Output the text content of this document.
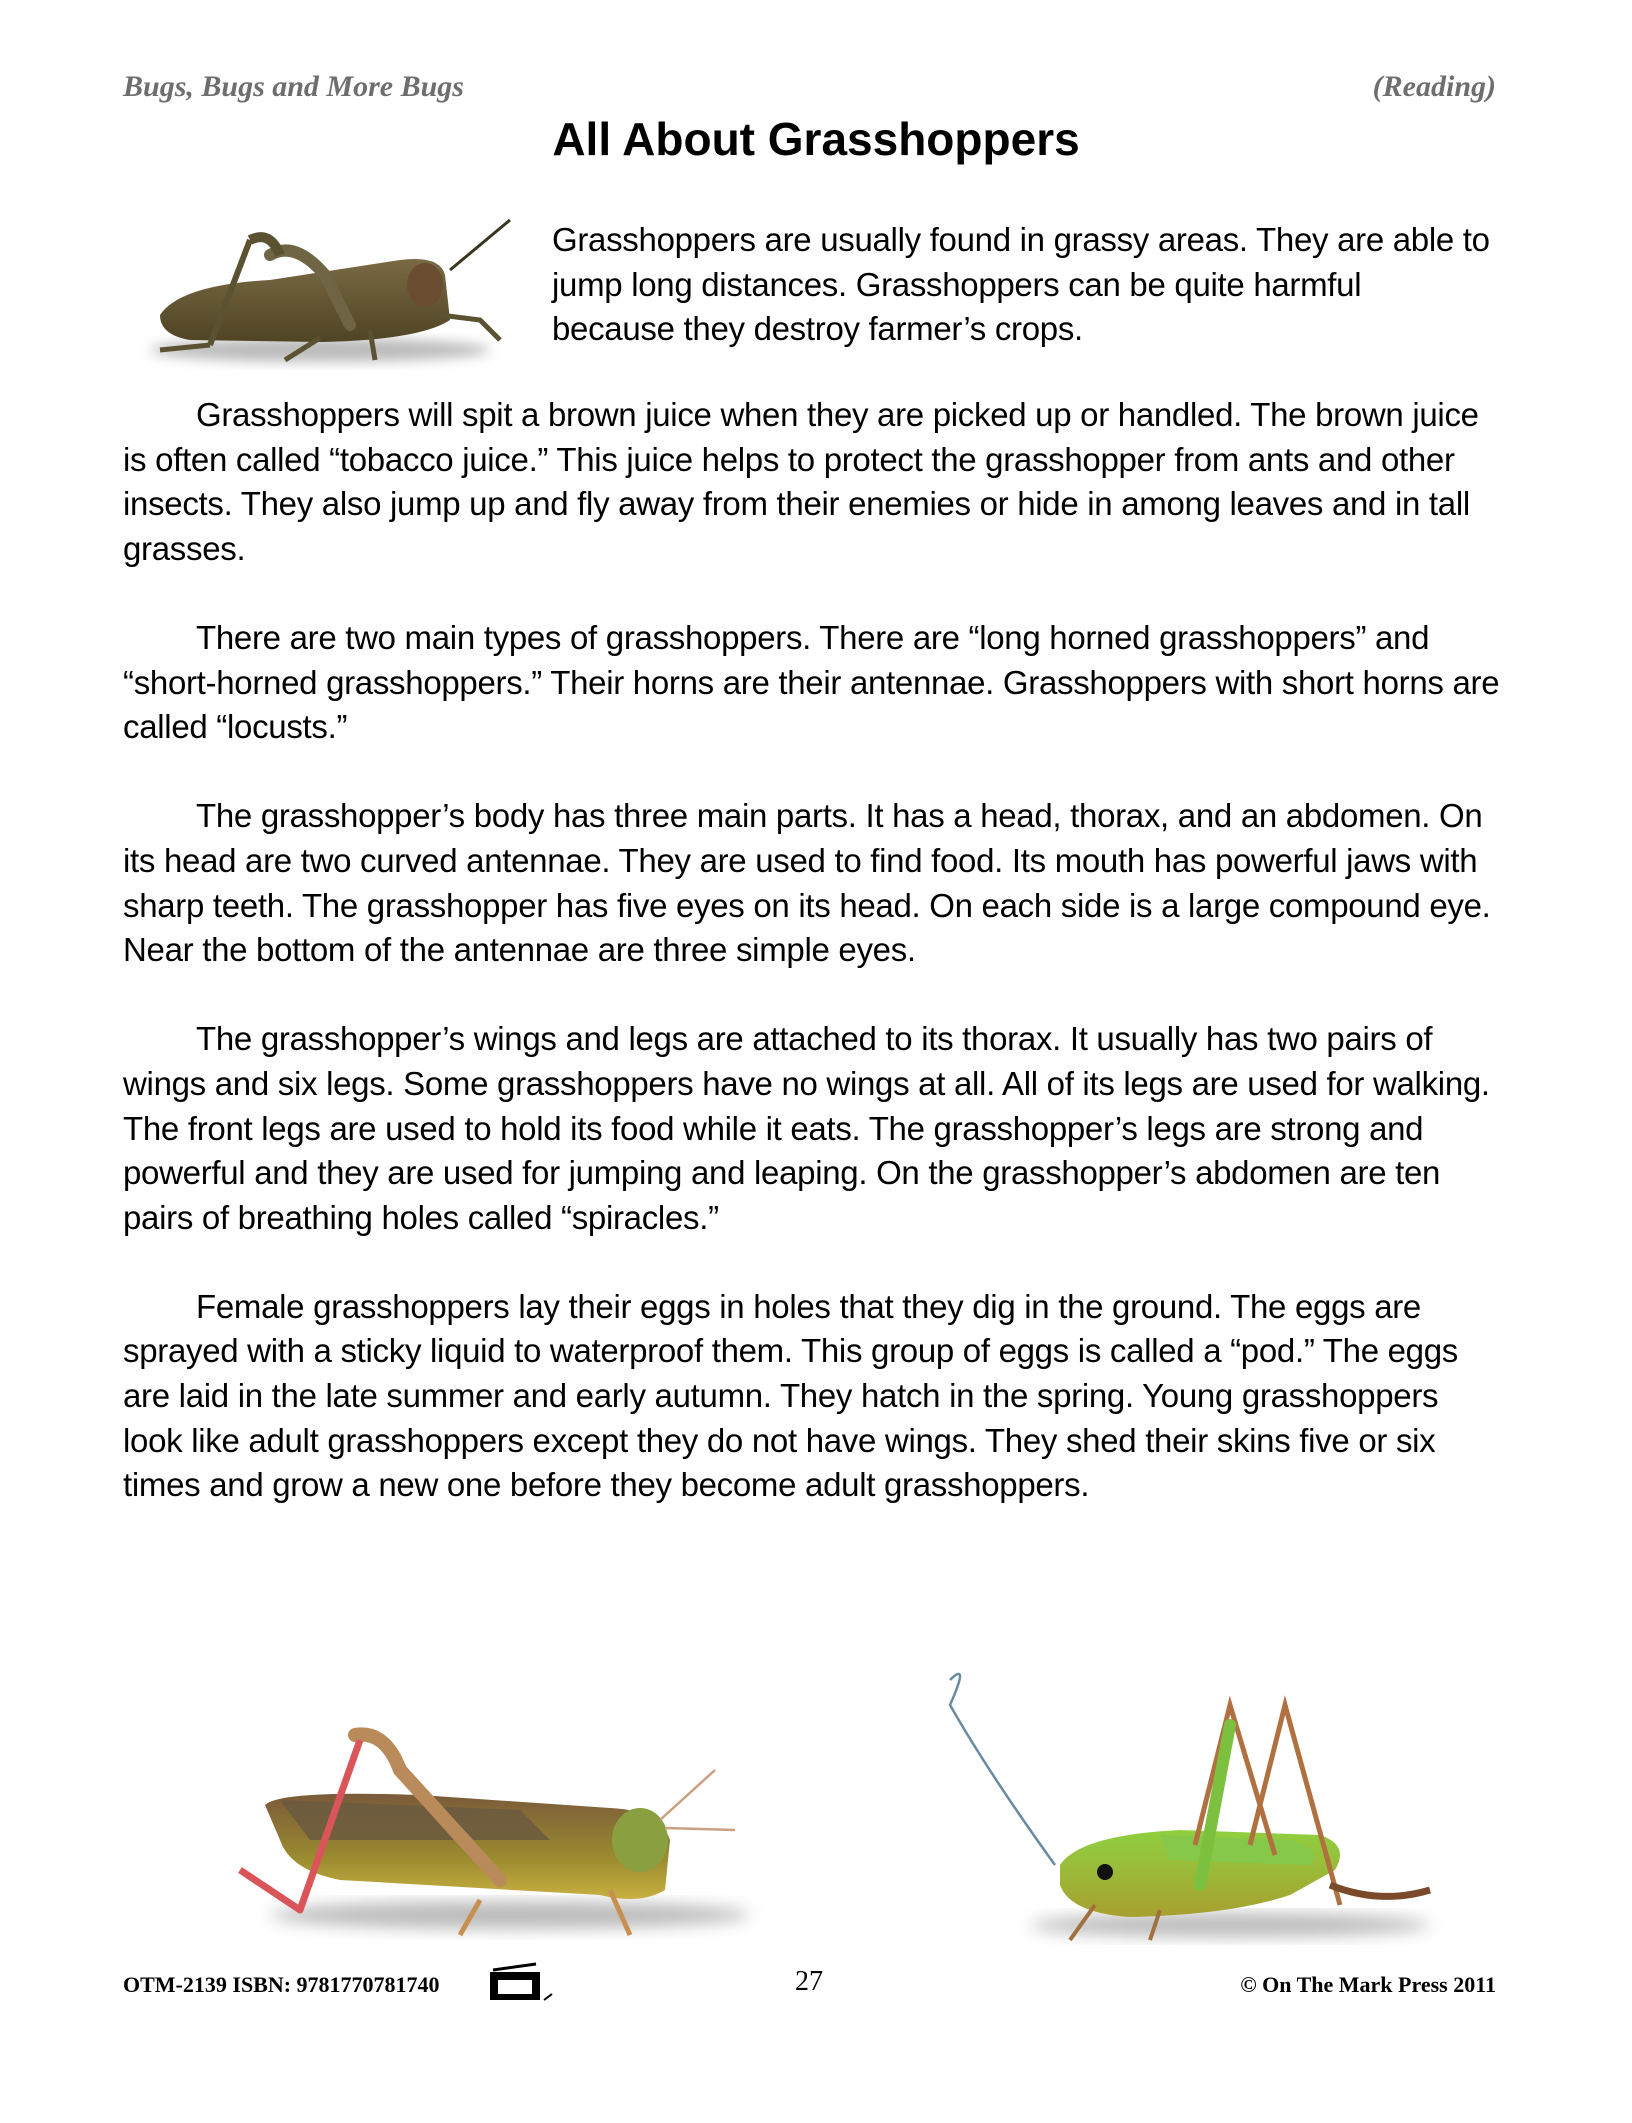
Bugs, Bugs and More Bugs	(Reading)
All About Grasshoppers
Grasshoppers are usually found in grassy areas. They are able to jump long distances. Grasshoppers can be quite harmful because they destroy farmer’s crops.

Grasshoppers will spit a brown juice when they are picked up or handled. The brown juice is often called “tobacco juice.” This juice helps to protect the grasshopper from ants and other insects. They also jump up and fly away from their enemies or hide in among leaves and in tall grasses.

There are two main types of grasshoppers. There are “long horned grasshoppers” and “short-horned grasshoppers.” Their horns are their antennae. Grasshoppers with short horns are called “locusts.”

The grasshopper’s body has three main parts. It has a head, thorax, and an abdomen. On its head are two curved antennae. They are used to find food. Its mouth has powerful jaws with sharp teeth. The grasshopper has five eyes on its head. On each side is a large compound eye. Near the bottom of the antennae are three simple eyes.

The grasshopper’s wings and legs are attached to its thorax. It usually has two pairs of wings and six legs. Some grasshoppers have no wings at all. All of its legs are used for walking. The front legs are used to hold its food while it eats. The grasshopper’s legs are strong and powerful and they are used for jumping and leaping. On the grasshopper’s abdomen are ten pairs of breathing holes called “spiracles.”

Female grasshoppers lay their eggs in holes that they dig in the ground. The eggs are sprayed with a sticky liquid to waterproof them. This group of eggs is called a “pod.” The eggs are laid in the late summer and early autumn. They hatch in the spring. Young grasshoppers look like adult grasshoppers except they do not have wings. They shed their skins five or six times and grow a new one before they become adult grasshoppers.

OTM-2139 ISBN: 9781770781740	27	© On The Mark Press 2011
